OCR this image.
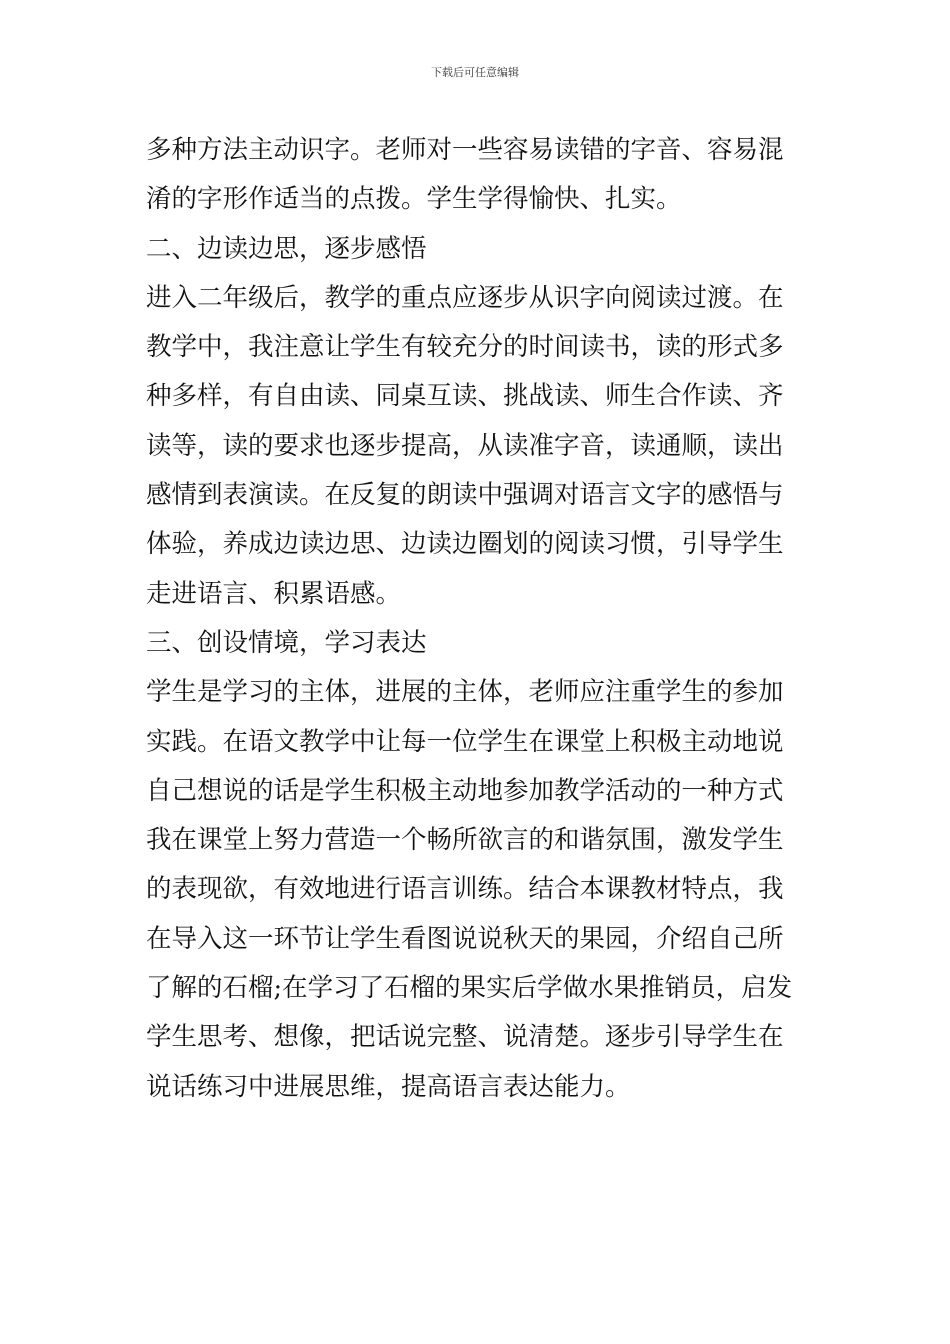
下载后可任意编辑
多种方法主动识字。老师对一些容易读错的字音、容易混
淆的字形作适当的点拨。学生学得愉快、扎实。
二、边读边思，逐步感悟
进入二年级后，教学的重点应逐步从识字向阅读过渡。在
教学中，我注意让学生有较充分的时间读书，读的形式多
种多样，有自由读、同桌互读、挑战读、师生合作读、齐
读等，读的要求也逐步提高，从读准字音，读通顺，读出
感情到表演读。在反复的朗读中强调对语言文字的感悟与
体验，养成边读边思、边读边圈划的阅读习惯，引导学生
走进语言、积累语感。
三、创设情境，学习表达
学生是学习的主体，进展的主体，老师应注重学生的参加
实践。在语文教学中让每一位学生在课堂上积极主动地说
自己想说的话是学生积极主动地参加教学活动的一种方式
我在课堂上努力营造一个畅所欲言的和谐氛围，激发学生
的表现欲，有效地进行语言训练。结合本课教材特点，我
在导入这一环节让学生看图说说秋天的果园，介绍自己所
了解的石榴;在学习了石榴的果实后学做水果推销员，启发
学生思考、想像，把话说完整、说清楚。逐步引导学生在
说话练习中进展思维，提高语言表达能力。
